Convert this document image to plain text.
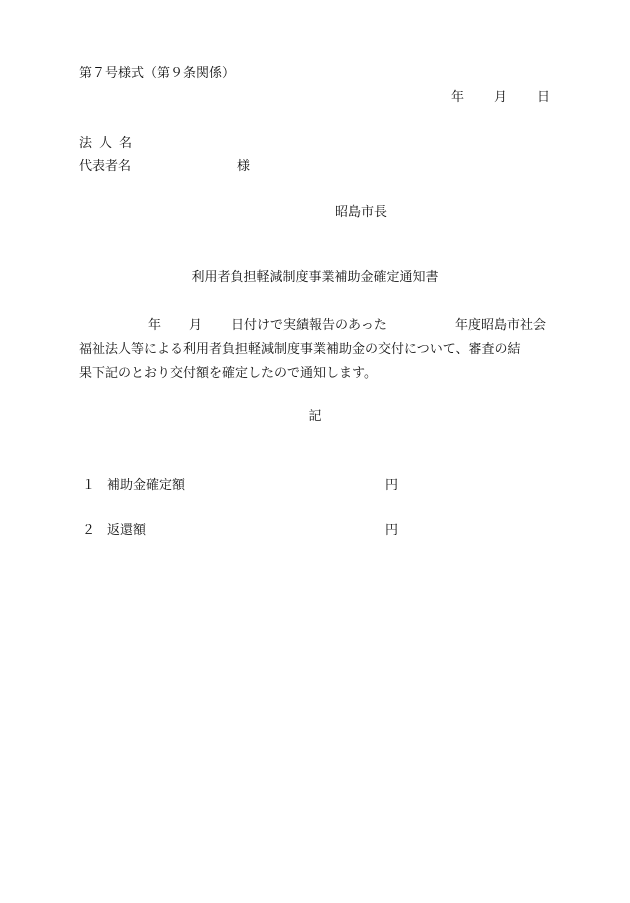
第７号様式（第９条関係）
年 月 日
法人名
代表者名	様
昭島市長
利用者負担軽減制度事業補助金確定通知書
年 月 日付けで実績報告のあった	年度昭島市社会
福祉法人等による利用者負担軽減制度事業補助金の交付について、審査の結
果下記のとおり交付額を確定したので通知します。
記
１ 補助金確定額	円
２ 返還額	円
